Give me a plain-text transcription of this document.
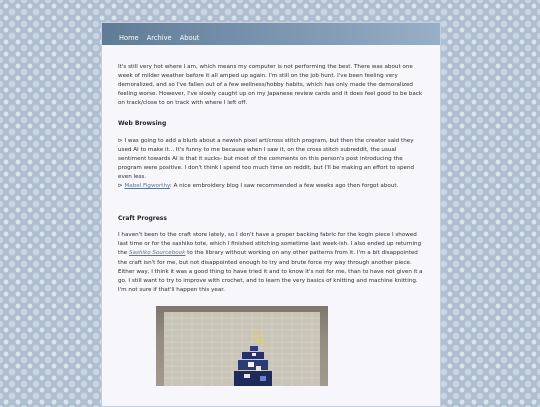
Home Archive About

It's still very hot where I am, which means my computer is not performing the best. There was about one week of milder weather before it all amped up again. I'm still on the job hunt. I've been feeling very demoralized, and so I've fallen out of a few wellness/hobby habits, which has only made the demoralized feeling worse. However, I've slowly caught up on my Japanese review cards and it does feel good to be back on track/close to on track with where I left off.

Web Browsing

⊳ I was going to add a blurb about a newish pixel art/cross stitch program, but then the creator said they used AI to make it... It's funny to me because when I saw it, on the cross stitch subreddit, the usual sentiment towards AI is that it sucks- but most of the comments on this person's post introducing the program were positive. I don't think I spend too much time on reddit, but I'll be making an effort to spend even less.

⊳ Mabel Figworthy: A nice embroidery blog I saw recommended a few weeks ago then forgot about.

Craft Progress

I haven't been to the craft store lately, so I don't have a proper backing fabric for the kogin piece I showed last time or for the sashiko tote, which I finished stitching sometime last week-ish. I also ended up returning the Sashiko Sourcebook to the library without working on any other patterns from it. I'm a bit disappointed the craft isn't for me, but not disappointed enough to try and brute force my way through another piece. Either way, I think it was a good thing to have tried it and to know it's not for me, than to have not given it a go. I still want to try to improve with crochet, and to learn the very basics of knitting and machine knitting. I'm not sure if that'll happen this year.
